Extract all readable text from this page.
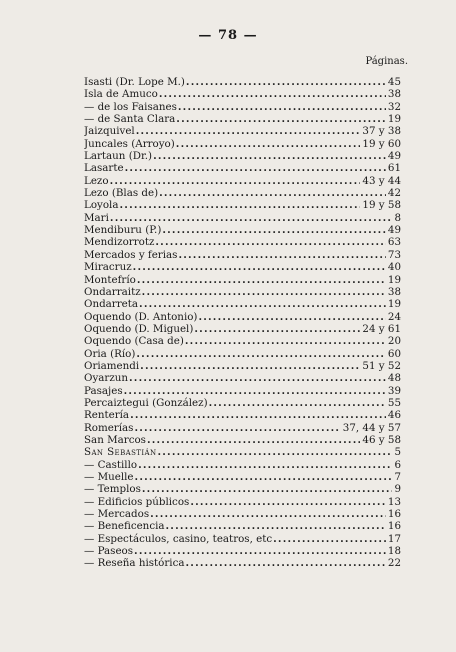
— 78 —
Páginas.
Isasti (Dr. Lope M.) .....	45
Isla de Amuco .....	38
— de los Faisanes .....	32
— de Santa Clara .....	19
Jaizquivel .....	37 y 38
Juncales (Arroyo) .....	19 y 60
Lartaun (Dr.) .....	49
Lasarte .....	61
Lezo .....	43 y 44
Lezo (Blas de) .....	42
Loyola .....	19 y 58
Mari .....	8
Mendiburu (P.) .....	49
Mendizorrotz .....	63
Mercados y ferias .....	73
Miracruz .....	40
Montefrío .....	19
Ondarraitz .....	38
Ondarreta .....	19
Oquendo (D. Antonio) .....	24
Oquendo (D. Miguel) .....	24 y 61
Oquendo (Casa de) .....	20
Oria (Río) .....	60
Oriamendi .....	51 y 52
Oyarzun .....	48
Pasajes .....	39
Percaiztegui (González) .....	55
Rentería .....	46
Romerías .....	37, 44 y 57
San Marcos .....	46 y 58
San Sebastián .....	5
— Castillo .....	6
— Muelle .....	7
— Templos .....	9
— Edificios públicos .....	13
— Mercados .....	16
— Beneficencia .....	16
— Espectáculos, casino, teatros, etc .....	17
— Paseos .....	18
— Reseña histórica .....	22
